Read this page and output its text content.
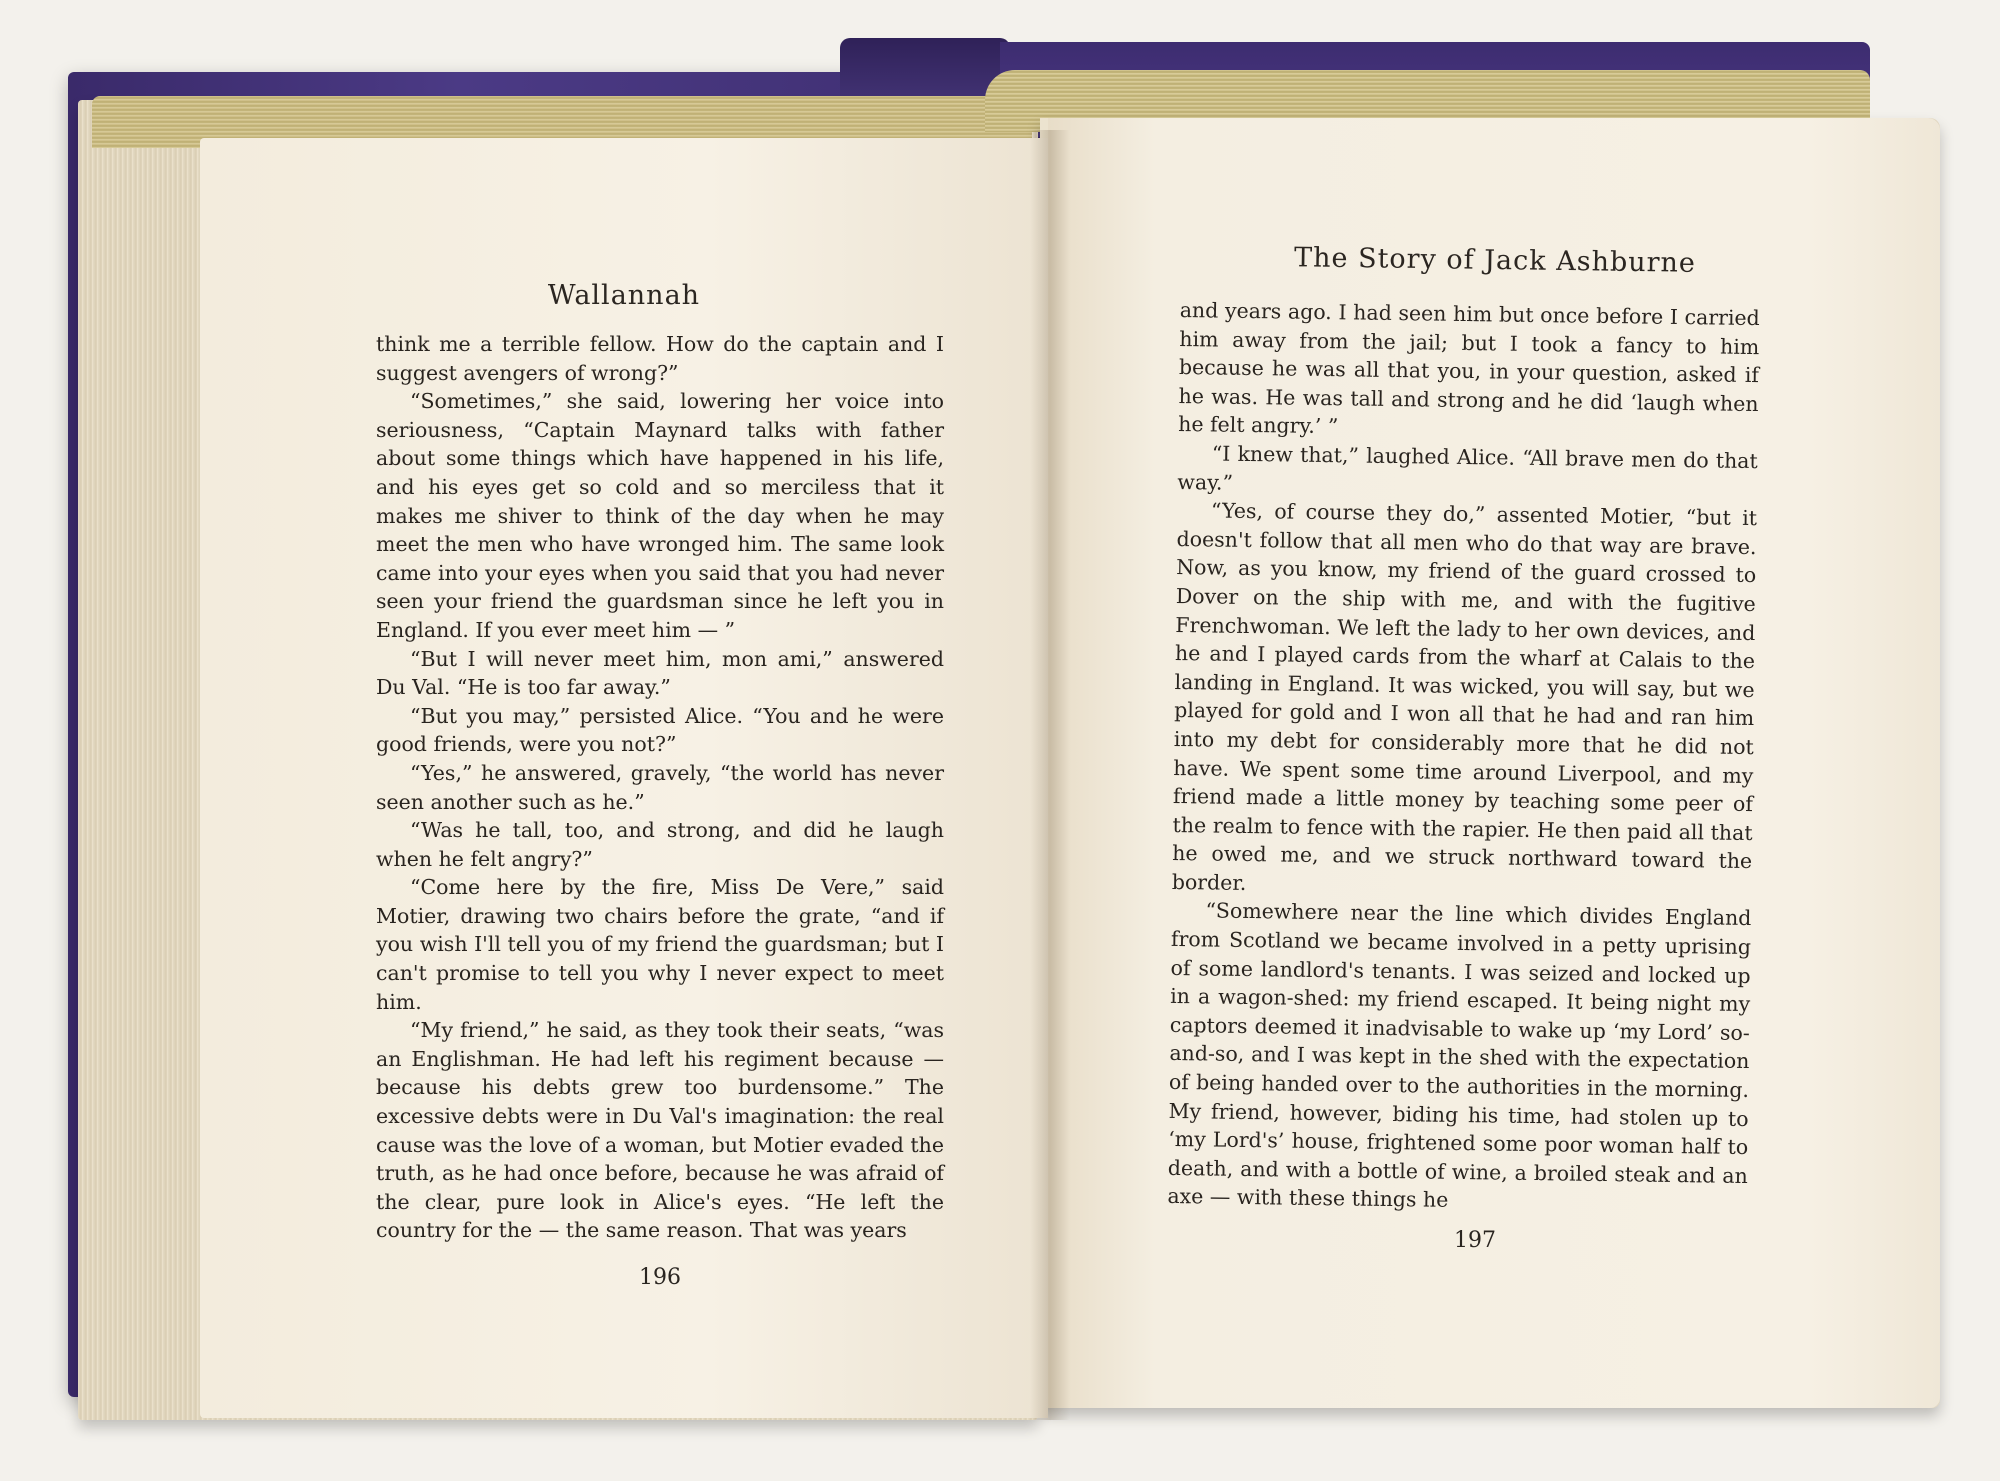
Wallannah

think me a terrible fellow. How do the captain and I suggest avengers of wrong?”

“Sometimes,” she said, lowering her voice into seriousness, “Captain Maynard talks with father about some things which have happened in his life, and his eyes get so cold and so merciless that it makes me shiver to think of the day when he may meet the men who have wronged him. The same look came into your eyes when you said that you had never seen your friend the guardsman since he left you in England. If you ever meet him — ”

“But I will never meet him, mon ami,” answered Du Val. “He is too far away.”

“But you may,” persisted Alice. “You and he were good friends, were you not?”

“Yes,” he answered, gravely, “the world has never seen another such as he.”

“Was he tall, too, and strong, and did he laugh when he felt angry?”

“Come here by the fire, Miss De Vere,” said Motier, drawing two chairs before the grate, “and if you wish I'll tell you of my friend the guardsman; but I can't promise to tell you why I never expect to meet him.

“My friend,” he said, as they took their seats, “was an Englishman. He had left his regiment because — because his debts grew too burdensome.” The excessive debts were in Du Val's imagination: the real cause was the love of a woman, but Motier evaded the truth, as he had once before, because he was afraid of the clear, pure look in Alice's eyes. “He left the country for the — the same reason. That was years

196
The Story of Jack Ashburne

and years ago. I had seen him but once before I carried him away from the jail; but I took a fancy to him because he was all that you, in your question, asked if he was. He was tall and strong and he did ‘laugh when he felt angry.’ ”

“I knew that,” laughed Alice. “All brave men do that way.”

“Yes, of course they do,” assented Motier, “but it doesn't follow that all men who do that way are brave. Now, as you know, my friend of the guard crossed to Dover on the ship with me, and with the fugitive Frenchwoman. We left the lady to her own devices, and he and I played cards from the wharf at Calais to the landing in England. It was wicked, you will say, but we played for gold and I won all that he had and ran him into my debt for considerably more that he did not have. We spent some time around Liverpool, and my friend made a little money by teaching some peer of the realm to fence with the rapier. He then paid all that he owed me, and we struck northward toward the border.

“Somewhere near the line which divides England from Scotland we became involved in a petty uprising of some landlord's tenants. I was seized and locked up in a wagon-shed: my friend escaped. It being night my captors deemed it inadvisable to wake up ‘my Lord’ so-and-so, and I was kept in the shed with the expectation of being handed over to the authorities in the morning. My friend, however, biding his time, had stolen up to ‘my Lord's’ house, frightened some poor woman half to death, and with a bottle of wine, a broiled steak and an axe — with these things he

197
